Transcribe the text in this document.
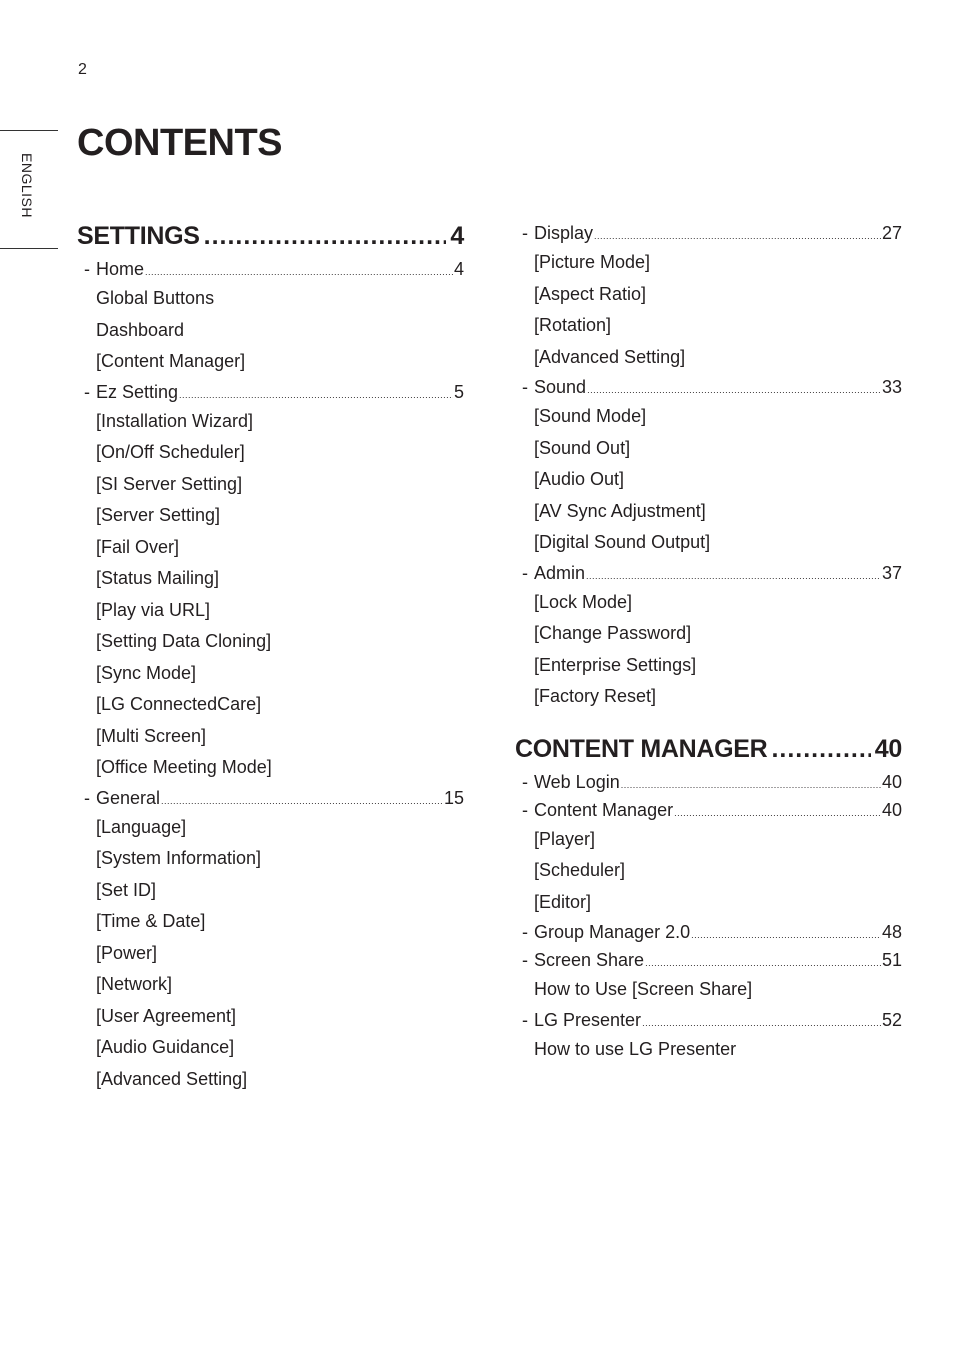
2
ENGLISH
CONTENTS
SETTINGS .....	4
- Home .....	4
Global Buttons
Dashboard
[Content Manager]
- Ez Setting .....	5
[Installation Wizard]
[On/Off Scheduler]
[SI Server Setting]
[Server Setting]
[Fail Over]
[Status Mailing]
[Play via URL]
[Setting Data Cloning]
[Sync Mode]
[LG ConnectedCare]
[Multi Screen]
[Office Meeting Mode]
- General .....	15
[Language]
[System Information]
[Set ID]
[Time & Date]
[Power]
[Network]
[User Agreement]
[Audio Guidance]
[Advanced Setting]
- Display .....	27
[Picture Mode]
[Aspect Ratio]
[Rotation]
[Advanced Setting]
- Sound .....	33
[Sound Mode]
[Sound Out]
[Audio Out]
[AV Sync Adjustment]
[Digital Sound Output]
- Admin .....	37
[Lock Mode]
[Change Password]
[Enterprise Settings]
[Factory Reset]
CONTENT MANAGER .....	40
- Web Login .....	40
- Content Manager .....	40
[Player]
[Scheduler]
[Editor]
- Group Manager 2.0 .....	48
- Screen Share .....	51
How to Use [Screen Share]
- LG Presenter .....	52
How to use LG Presenter
